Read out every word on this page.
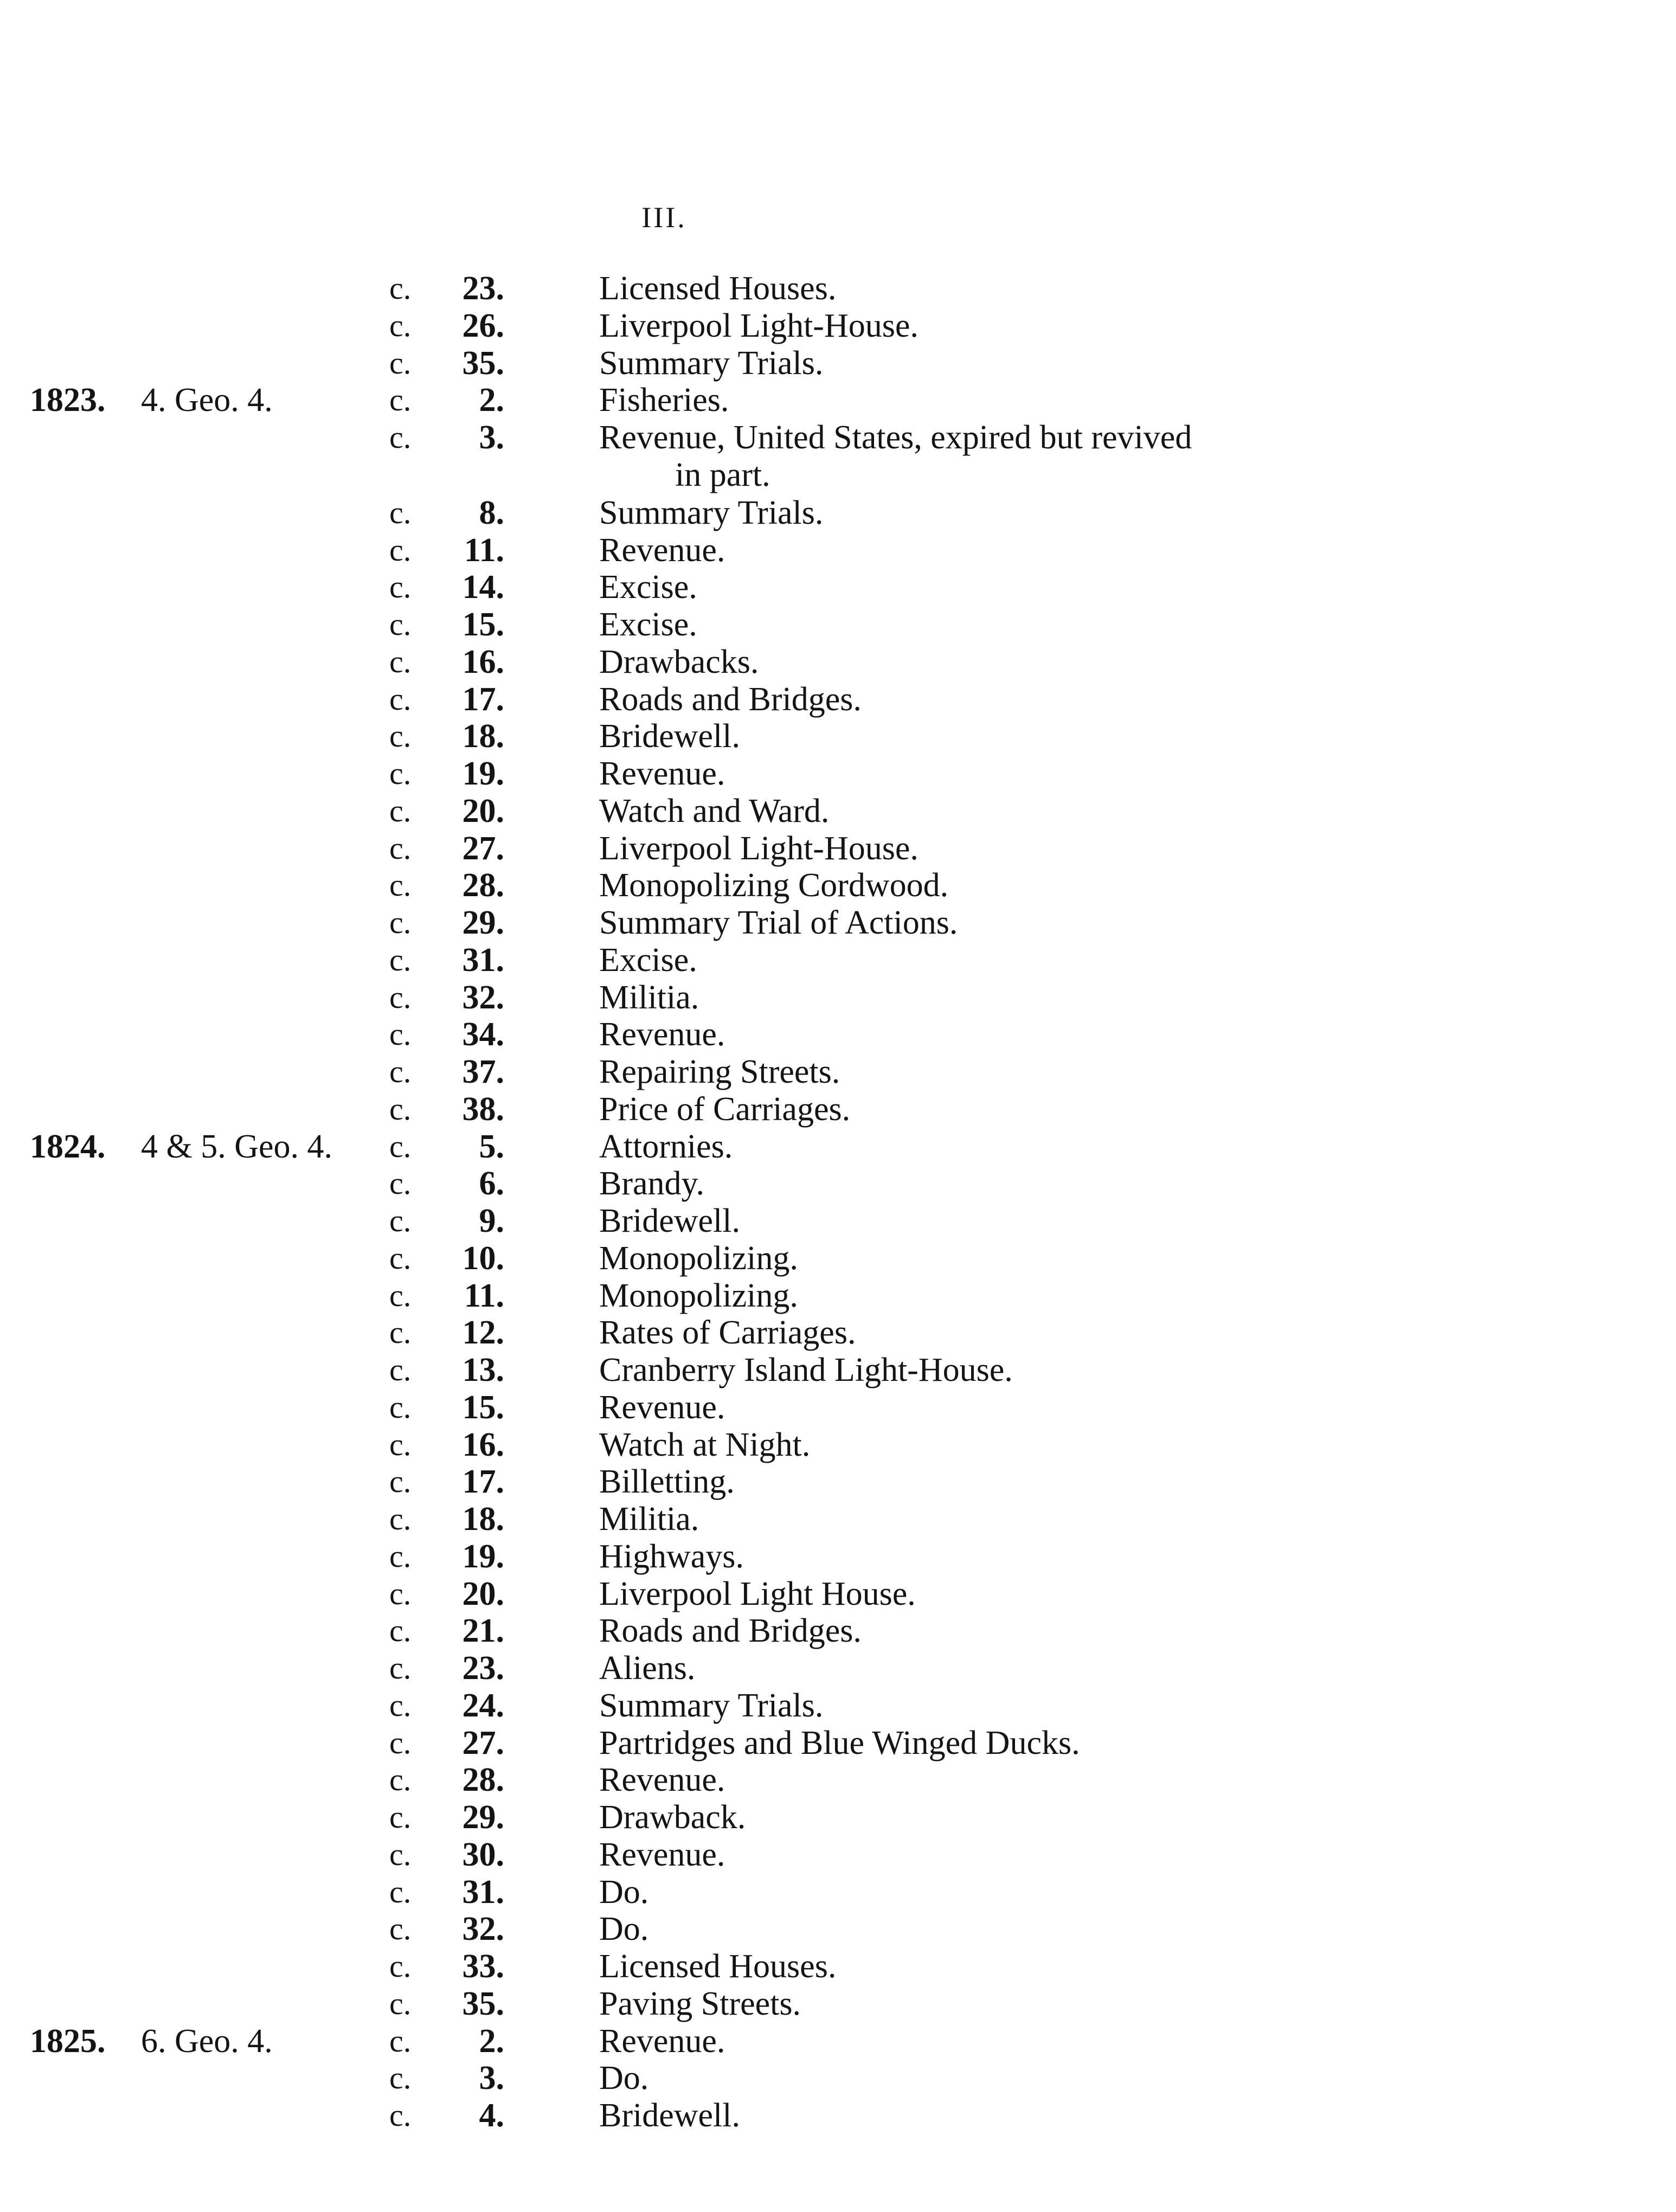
III.
c.	23.	Licensed Houses.
c.	26.	Liverpool Light-House.
c.	35.	Summary Trials.
1823. 4. Geo. 4.	c.	2.	Fisheries.
c.	3.	Revenue, United States, expired but revived
in part.
c.	8.	Summary Trials.
c.	11.	Revenue.
c.	14.	Excise.
c.	15.	Excise.
c.	16.	Drawbacks.
c.	17.	Roads and Bridges.
c.	18.	Bridewell.
c.	19.	Revenue.
c.	20.	Watch and Ward.
c.	27.	Liverpool Light-House.
c.	28.	Monopolizing Cordwood.
c.	29.	Summary Trial of Actions.
c.	31.	Excise.
c.	32.	Militia.
c.	34.	Revenue.
c.	37.	Repairing Streets.
c.	38.	Price of Carriages.
1824. 4 & 5. Geo. 4. c.	5.	Attornies.
c.	6.	Brandy.
c.	9.	Bridewell.
c.	10.	Monopolizing.
c.	11.	Monopolizing.
c.	12.	Rates of Carriages.
c.	13.	Cranberry Island Light-House.
c.	15.	Revenue.
c.	16.	Watch at Night.
c.	17.	Billetting.
c.	18.	Militia.
c.	19.	Highways.
c.	20.	Liverpool Light House.
c.	21.	Roads and Bridges.
c.	23.	Aliens.
c.	24.	Summary Trials.
c.	27.	Partridges and Blue Winged Ducks.
c.	28.	Revenue.
c.	29.	Drawback.
c.	30.	Revenue.
c.	31.	Do.
c.	32.	Do.
c.	33.	Licensed Houses.
c.	35.	Paving Streets.
1825. 6. Geo. 4.	c.	2.	Revenue.
c.	3.	Do.
c.	4.	Bridewell.
